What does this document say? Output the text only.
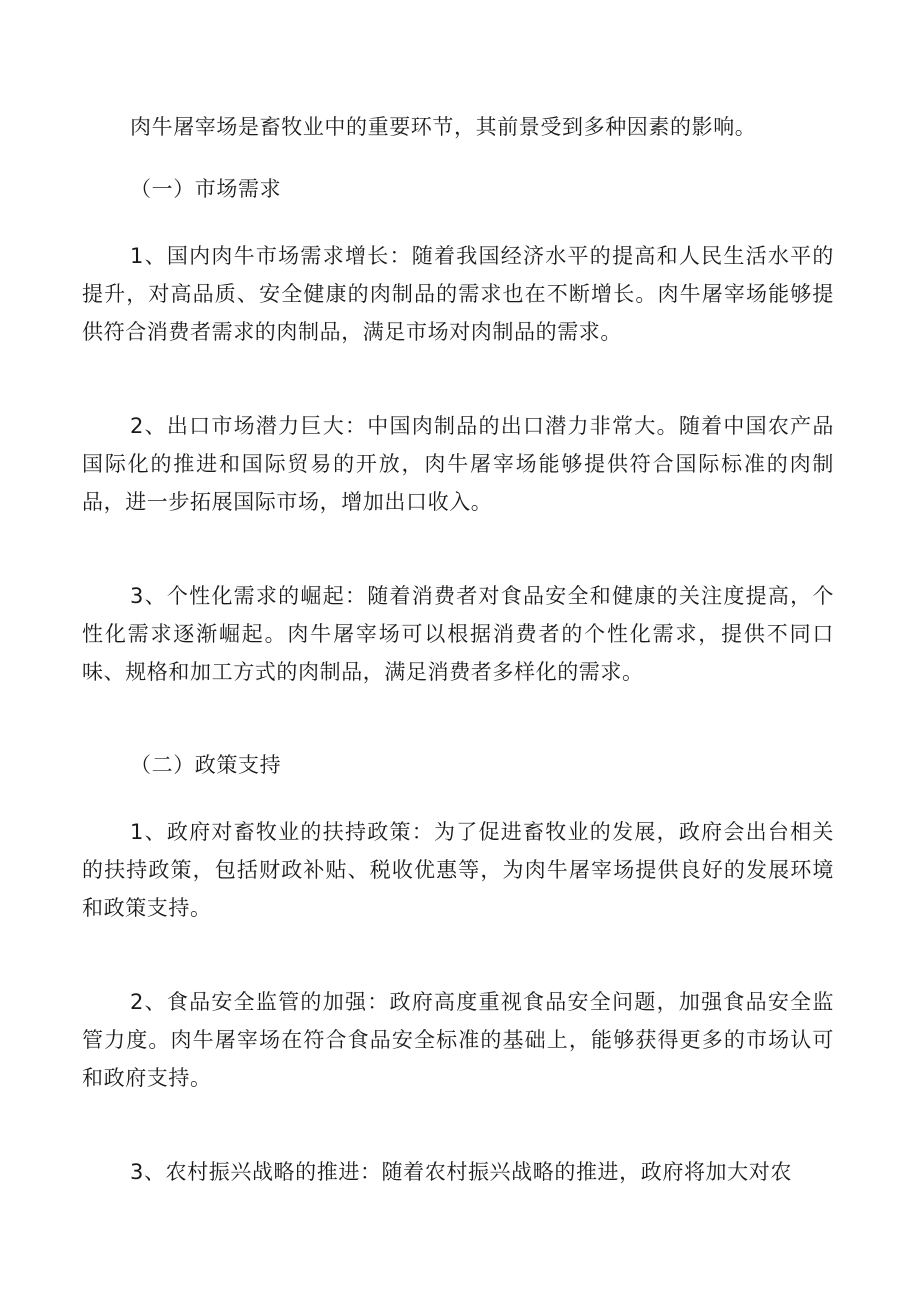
肉牛屠宰场是畜牧业中的重要环节，其前景受到多种因素的影响。

（一）市场需求

1、国内肉牛市场需求增长：随着我国经济水平的提高和人民生活水平的提升，对高品质、安全健康的肉制品的需求也在不断增长。肉牛屠宰场能够提供符合消费者需求的肉制品，满足市场对肉制品的需求。

2、出口市场潜力巨大：中国肉制品的出口潜力非常大。随着中国农产品国际化的推进和国际贸易的开放，肉牛屠宰场能够提供符合国际标准的肉制品，进一步拓展国际市场，增加出口收入。

3、个性化需求的崛起：随着消费者对食品安全和健康的关注度提高，个性化需求逐渐崛起。肉牛屠宰场可以根据消费者的个性化需求，提供不同口味、规格和加工方式的肉制品，满足消费者多样化的需求。

（二）政策支持

1、政府对畜牧业的扶持政策：为了促进畜牧业的发展，政府会出台相关的扶持政策，包括财政补贴、税收优惠等，为肉牛屠宰场提供良好的发展环境和政策支持。

2、食品安全监管的加强：政府高度重视食品安全问题，加强食品安全监管力度。肉牛屠宰场在符合食品安全标准的基础上，能够获得更多的市场认可和政府支持。

3、农村振兴战略的推进：随着农村振兴战略的推进，政府将加大对农
